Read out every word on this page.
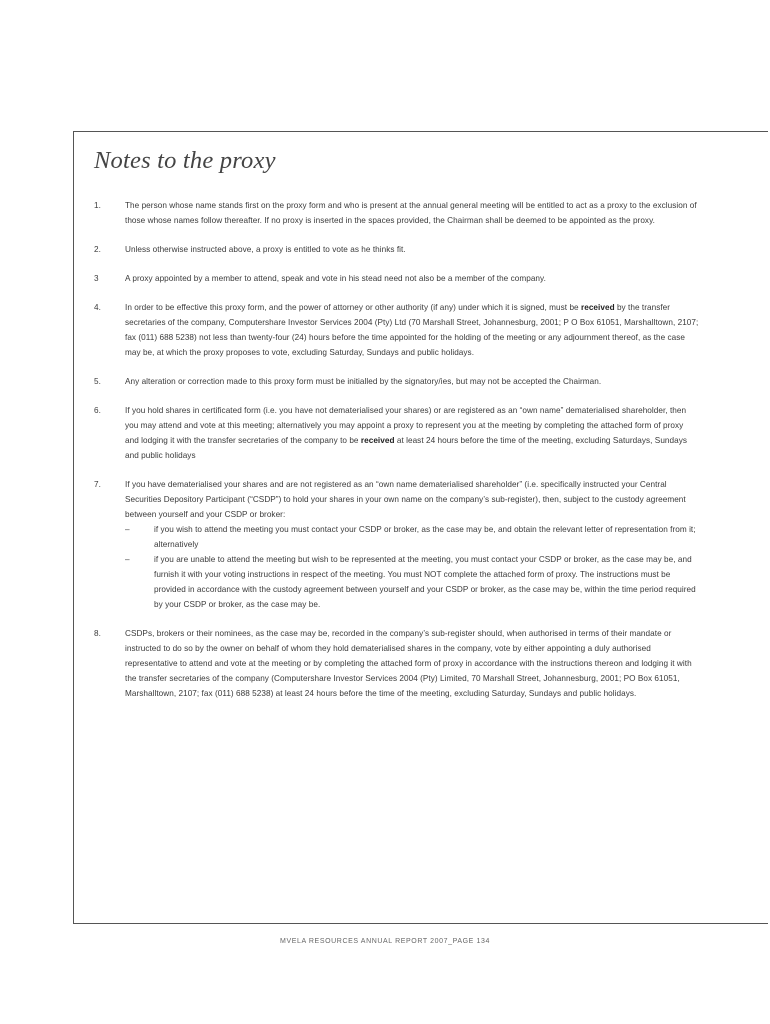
Notes to the proxy
1.	The person whose name stands first on the proxy form and who is present at the annual general meeting will be entitled to act as a proxy to the exclusion of those whose names follow thereafter. If no proxy is inserted in the spaces provided, the Chairman shall be deemed to be appointed as the proxy.
2.	Unless otherwise instructed above, a proxy is entitled to vote as he thinks fit.
3	A proxy appointed by a member to attend, speak and vote in his stead need not also be a member of the company.
4.	In order to be effective this proxy form, and the power of attorney or other authority (if any) under which it is signed, must be received by the transfer secretaries of the company, Computershare Investor Services 2004 (Pty) Ltd (70 Marshall Street, Johannesburg, 2001; P O Box 61051, Marshalltown, 2107; fax (011) 688 5238) not less than twenty-four (24) hours before the time appointed for the holding of the meeting or any adjournment thereof, as the case may be, at which the proxy proposes to vote, excluding Saturday, Sundays and public holidays.
5.	Any alteration or correction made to this proxy form must be initialled by the signatory/ies, but may not be accepted the Chairman.
6.	If you hold shares in certificated form (i.e. you have not dematerialised your shares) or are registered as an “own name” dematerialised shareholder, then you may attend and vote at this meeting; alternatively you may appoint a proxy to represent you at the meeting by completing the attached form of proxy and lodging it with the transfer secretaries of the company to be received at least 24 hours before the time of the meeting, excluding Saturdays, Sundays and public holidays
7.	If you have dematerialised your shares and are not registered as an “own name dematerialised shareholder” (i.e. specifically instructed your Central Securities Depository Participant (“CSDP”) to hold your shares in your own name on the company’s sub-register), then, subject to the custody agreement between yourself and your CSDP or broker:
–	if you wish to attend the meeting you must contact your CSDP or broker, as the case may be, and obtain the relevant letter of representation from it; alternatively
–	if you are unable to attend the meeting but wish to be represented at the meeting, you must contact your CSDP or broker, as the case may be, and furnish it with your voting instructions in respect of the meeting. You must NOT complete the attached form of proxy. The instructions must be provided in accordance with the custody agreement between yourself and your CSDP or broker, as the case may be, within the time period required by your CSDP or broker, as the case may be.
8.	CSDPs, brokers or their nominees, as the case may be, recorded in the company’s sub-register should, when authorised in terms of their mandate or instructed to do so by the owner on behalf of whom they hold dematerialised shares in the company, vote by either appointing a duly authorised representative to attend and vote at the meeting or by completing the attached form of proxy in accordance with the instructions thereon and lodging it with the transfer secretaries of the company (Computershare Investor Services 2004 (Pty) Limited, 70 Marshall Street, Johannesburg, 2001; PO Box 61051, Marshalltown, 2107; fax (011) 688 5238) at least 24 hours before the time of the meeting, excluding Saturday, Sundays and public holidays.
MVELA RESOURCES ANNUAL REPORT 2007_PAGE 134
